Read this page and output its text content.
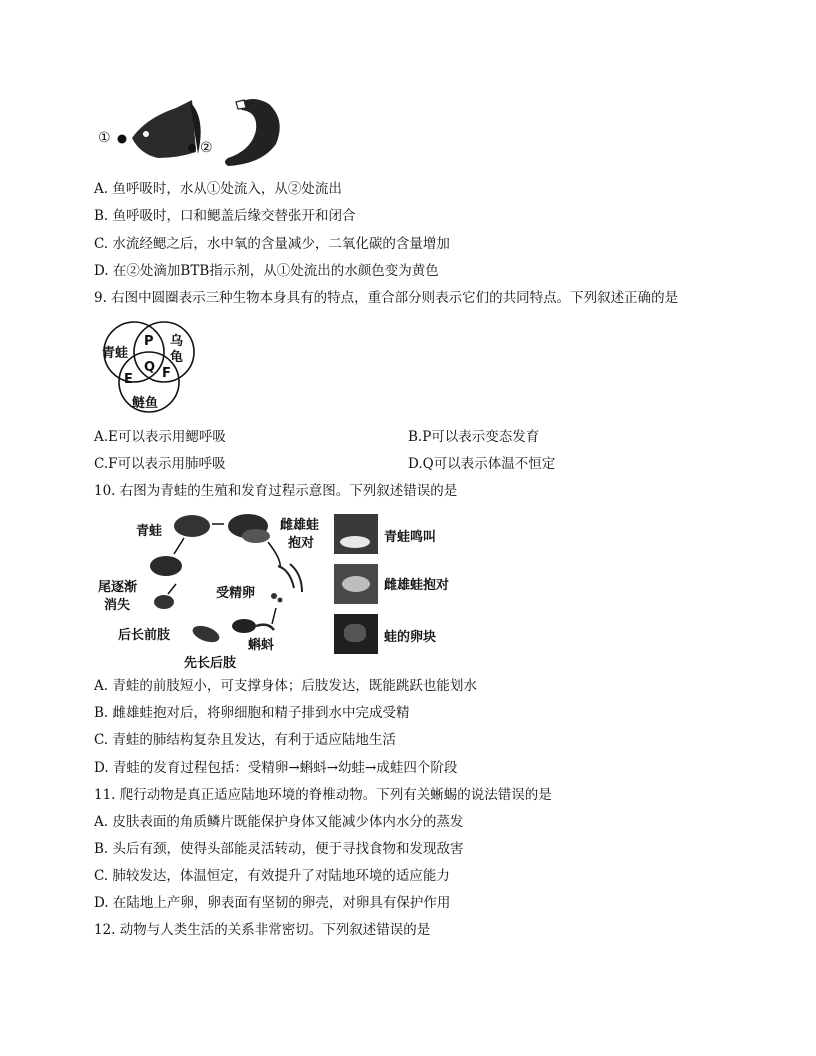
①
②
A. 鱼呼吸时，水从①处流入，从②处流出
B. 鱼呼吸时，口和鳃盖后缘交替张开和闭合
C. 水流经鳃之后，水中氧的含量减少，二氧化碳的含量增加
D. 在②处滴加BTB指示剂，从①处流出的水颜色变为黄色
9. 右图中圆圈表示三种生物本身具有的特点，重合部分则表示它们的共同特点。下列叙述正确的是
青蛙
乌
龟
鲢鱼
P
Q
E F
A.E可以表示用鳃呼吸	B.P可以表示变态发育
C.F可以表示用肺呼吸	D.Q可以表示体温不恒定
10. 右图为青蛙的生殖和发育过程示意图。下列叙述错误的是
青蛙	雌雄蛙
抱对
尾逐渐
消失
受精卵
后长前肢
蝌蚪
先长后肢
青蛙鸣叫
雌雄蛙抱对
蛙的卵块
A. 青蛙的前肢短小，可支撑身体；后肢发达，既能跳跃也能划水
B. 雌雄蛙抱对后，将卵细胞和精子排到水中完成受精
C. 青蛙的肺结构复杂且发达，有利于适应陆地生活
D. 青蛙的发育过程包括：受精卵→蝌蚪→幼蛙→成蛙四个阶段
11. 爬行动物是真正适应陆地环境的脊椎动物。下列有关蜥蜴的说法错误的是
A. 皮肤表面的角质鳞片既能保护身体又能减少体内水分的蒸发
B. 头后有颈，使得头部能灵活转动，便于寻找食物和发现敌害
C. 肺较发达，体温恒定，有效提升了对陆地环境的适应能力
D. 在陆地上产卵，卵表面有坚韧的卵壳，对卵具有保护作用
12. 动物与人类生活的关系非常密切。下列叙述错误的是
